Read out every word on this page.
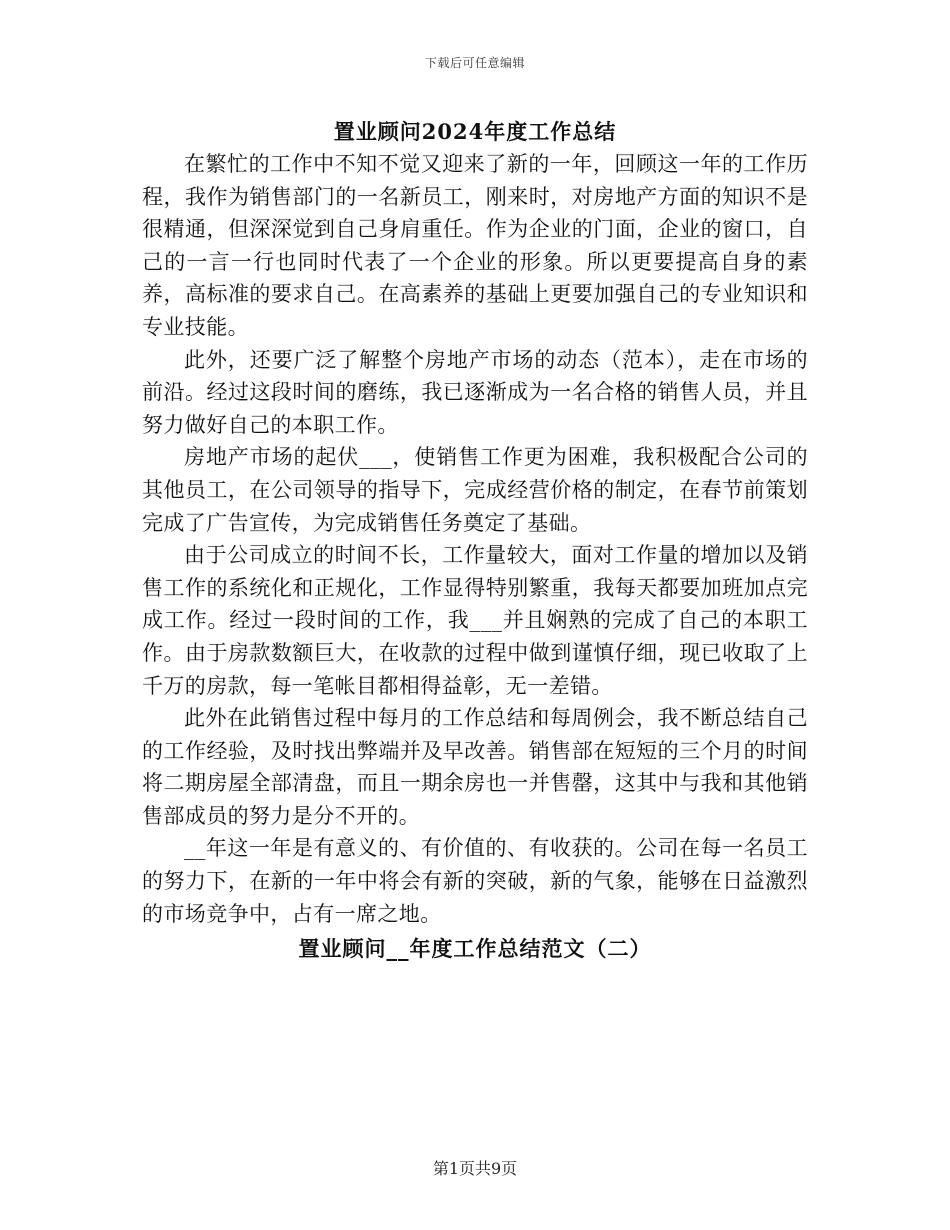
下载后可任意编辑
置业顾问2024年度工作总结

在繁忙的工作中不知不觉又迎来了新的一年，回顾这一年的工作历程，我作为销售部门的一名新员工，刚来时，对房地产方面的知识不是很精通，但深深觉到自己身肩重任。作为企业的门面，企业的窗口，自己的一言一行也同时代表了一个企业的形象。所以更要提高自身的素养，高标准的要求自己。在高素养的基础上更要加强自己的专业知识和专业技能。

此外，还要广泛了解整个房地产市场的动态（范本），走在市场的前沿。经过这段时间的磨练，我已逐渐成为一名合格的销售人员，并且努力做好自己的本职工作。

房地产市场的起伏___，使销售工作更为困难，我积极配合公司的其他员工，在公司领导的指导下，完成经营价格的制定，在春节前策划完成了广告宣传，为完成销售任务奠定了基础。

由于公司成立的时间不长，工作量较大，面对工作量的增加以及销售工作的系统化和正规化，工作显得特别繁重，我每天都要加班加点完成工作。经过一段时间的工作，我___并且娴熟的完成了自己的本职工作。由于房款数额巨大，在收款的过程中做到谨慎仔细，现已收取了上千万的房款，每一笔帐目都相得益彰，无一差错。

此外在此销售过程中每月的工作总结和每周例会，我不断总结自己的工作经验，及时找出弊端并及早改善。销售部在短短的三个月的时间将二期房屋全部清盘，而且一期余房也一并售罄，这其中与我和其他销售部成员的努力是分不开的。

__年这一年是有意义的、有价值的、有收获的。公司在每一名员工的努力下，在新的一年中将会有新的突破，新的气象，能够在日益激烈的市场竞争中，占有一席之地。

置业顾问__年度工作总结范文（二）
第1页共9页
